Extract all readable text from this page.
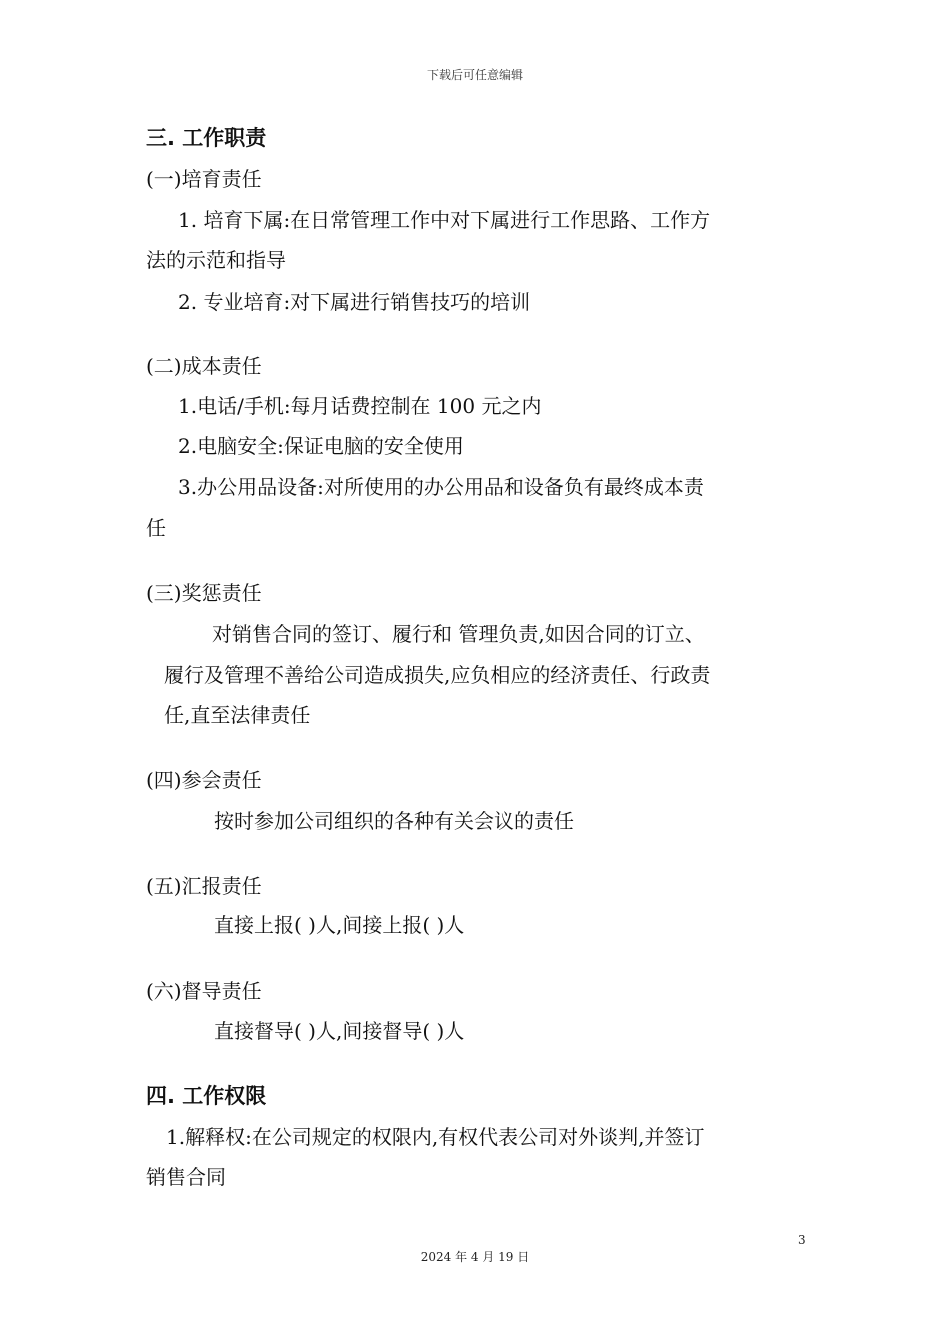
下载后可任意编辑
三. 工作职责
(一)培育责任
1. 培育下属:在日常管理工作中对下属进行工作思路、工作方
法的示范和指导
2. 专业培育:对下属进行销售技巧的培训
(二)成本责任
1.电话/手机:每月话费控制在 100 元之内
2.电脑安全:保证电脑的安全使用
3.办公用品设备:对所使用的办公用品和设备负有最终成本责
任
(三)奖惩责任
对销售合同的签订、履行和 管理负责,如因合同的订立、
履行及管理不善给公司造成损失,应负相应的经济责任、行政责
任,直至法律责任
(四)参会责任
按时参加公司组织的各种有关会议的责任
(五)汇报责任
直接上报( )人,间接上报( )人
(六)督导责任
直接督导( )人,间接督导( )人
四. 工作权限
1.解释权:在公司规定的权限内,有权代表公司对外谈判,并签订
销售合同
3
2024 年 4 月 19 日
